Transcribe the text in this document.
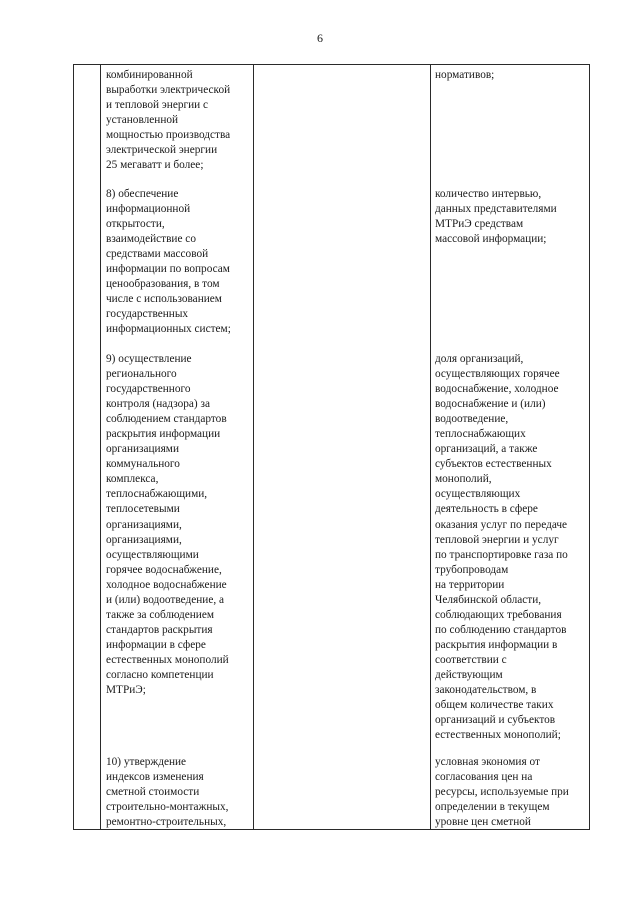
6
комбинированной
выработки электрической
и тепловой энергии с
установленной
мощностью производства
электрической энергии
25 мегаватт и более;
8) обеспечение
информационной
открытости,
взаимодействие со
средствами массовой
информации по вопросам
ценообразования, в том
числе с использованием
государственных
информационных систем;
9) осуществление
регионального
государственного
контроля (надзора) за
соблюдением стандартов
раскрытия информации
организациями
коммунального
комплекса,
теплоснабжающими,
теплосетевыми
организациями,
организациями,
осуществляющими
горячее водоснабжение,
холодное водоснабжение
и (или) водоотведение, а
также за соблюдением
стандартов раскрытия
информации в сфере
естественных монополий
согласно компетенции
МТРиЭ;
10) утверждение
индексов изменения
сметной стоимости
строительно-монтажных,
ремонтно-строительных,
нормативов;
количество интервью,
данных представителями
МТРиЭ средствам
массовой информации;
доля организаций,
осуществляющих горячее
водоснабжение, холодное
водоснабжение и (или)
водоотведение,
теплоснабжающих
организаций, а также
субъектов естественных
монополий,
осуществляющих
деятельность в сфере
оказания услуг по передаче
тепловой энергии и услуг
по транспортировке газа по
трубопроводам
на территории
Челябинской области,
соблюдающих требования
по соблюдению стандартов
раскрытия информации в
соответствии с
действующим
законодательством, в
общем количестве таких
организаций и субъектов
естественных монополий;
условная экономия от
согласования цен на
ресурсы, используемые при
определении в текущем
уровне цен сметной
